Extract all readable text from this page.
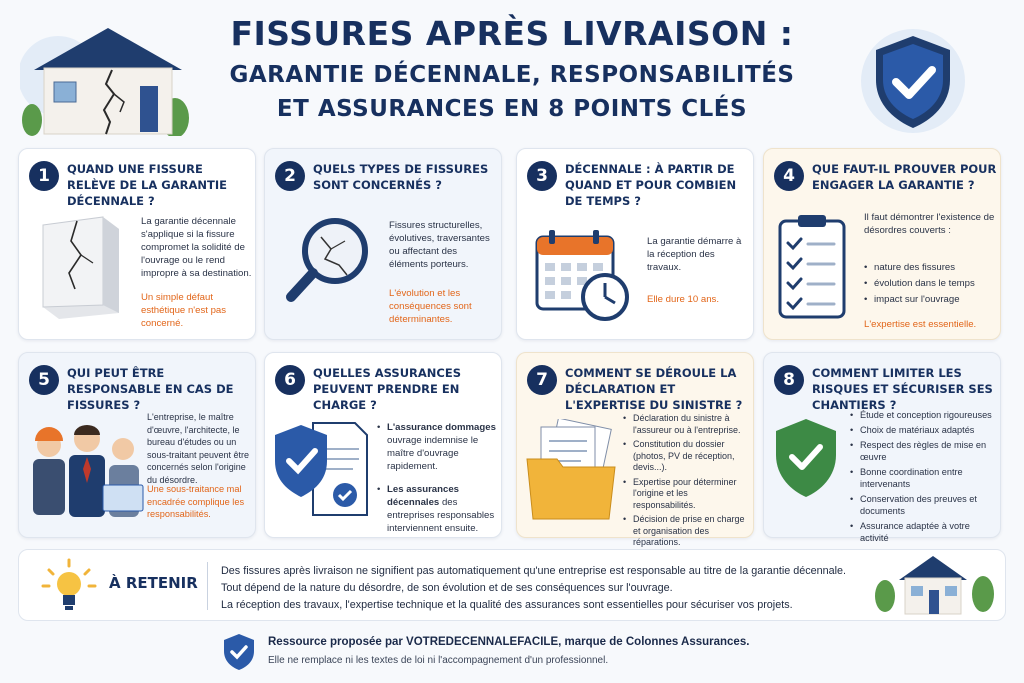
FISSURES APRÈS LIVRAISON :
GARANTIE DÉCENNALE, RESPONSABILITÉS
ET ASSURANCES EN 8 POINTS CLÉS
1	QUAND UNE FISSURE RELÈVE DE LA GARANTIE DÉCENNALE ?
La garantie décennale s'applique si la fissure compromet la solidité de l'ouvrage ou le rend impropre à sa destination.
Un simple défaut esthétique n'est pas concerné.
2	QUELS TYPES DE FISSURES SONT CONCERNÉS ?
Fissures structurelles, évolutives, traversantes ou affectant des éléments porteurs.
L'évolution et les conséquences sont déterminantes.
3	DÉCENNALE : À PARTIR DE QUAND ET POUR COMBIEN DE TEMPS ?
La garantie démarre à la réception des travaux.
Elle dure 10 ans.
4	QUE FAUT-IL PROUVER POUR ENGAGER LA GARANTIE ?
Il faut démontrer l'existence de désordres couverts :
• nature des fissures
• évolution dans le temps
• impact sur l'ouvrage
L'expertise est essentielle.
5	QUI PEUT ÊTRE RESPONSABLE EN CAS DE FISSURES ?
L'entreprise, le maître d'œuvre, l'architecte, le bureau d'études ou un sous-traitant peuvent être concernés selon l'origine du désordre.
Une sous-traitance mal encadrée complique les responsabilités.
6	QUELLES ASSURANCES PEUVENT PRENDRE EN CHARGE ?
• L'assurance dommages ouvrage indemnise le maître d'ouvrage rapidement.
• Les assurances décennales des entreprises responsables interviennent ensuite.
7	COMMENT SE DÉROULE LA DÉCLARATION ET L'EXPERTISE DU SINISTRE ?
• Déclaration du sinistre à l'assureur ou à l'entreprise.
• Constitution du dossier (photos, PV de réception, devis...).
• Expertise pour déterminer l'origine et les responsabilités.
• Décision de prise en charge et organisation des réparations.
8	COMMENT LIMITER LES RISQUES ET SÉCURISER SES CHANTIERS ?
• Étude et conception rigoureuses
• Choix de matériaux adaptés
• Respect des règles de mise en œuvre
• Bonne coordination entre intervenants
• Conservation des preuves et documents
• Assurance adaptée à votre activité
À RETENIR
Des fissures après livraison ne signifient pas automatiquement qu'une entreprise est responsable au titre de la garantie décennale.
Tout dépend de la nature du désordre, de son évolution et de ses conséquences sur l'ouvrage.
La réception des travaux, l'expertise technique et la qualité des assurances sont essentielles pour sécuriser vos projets.
Ressource proposée par VOTREDECENNALEFACILE, marque de Colonnes Assurances.
Elle ne remplace ni les textes de loi ni l'accompagnement d'un professionnel.
